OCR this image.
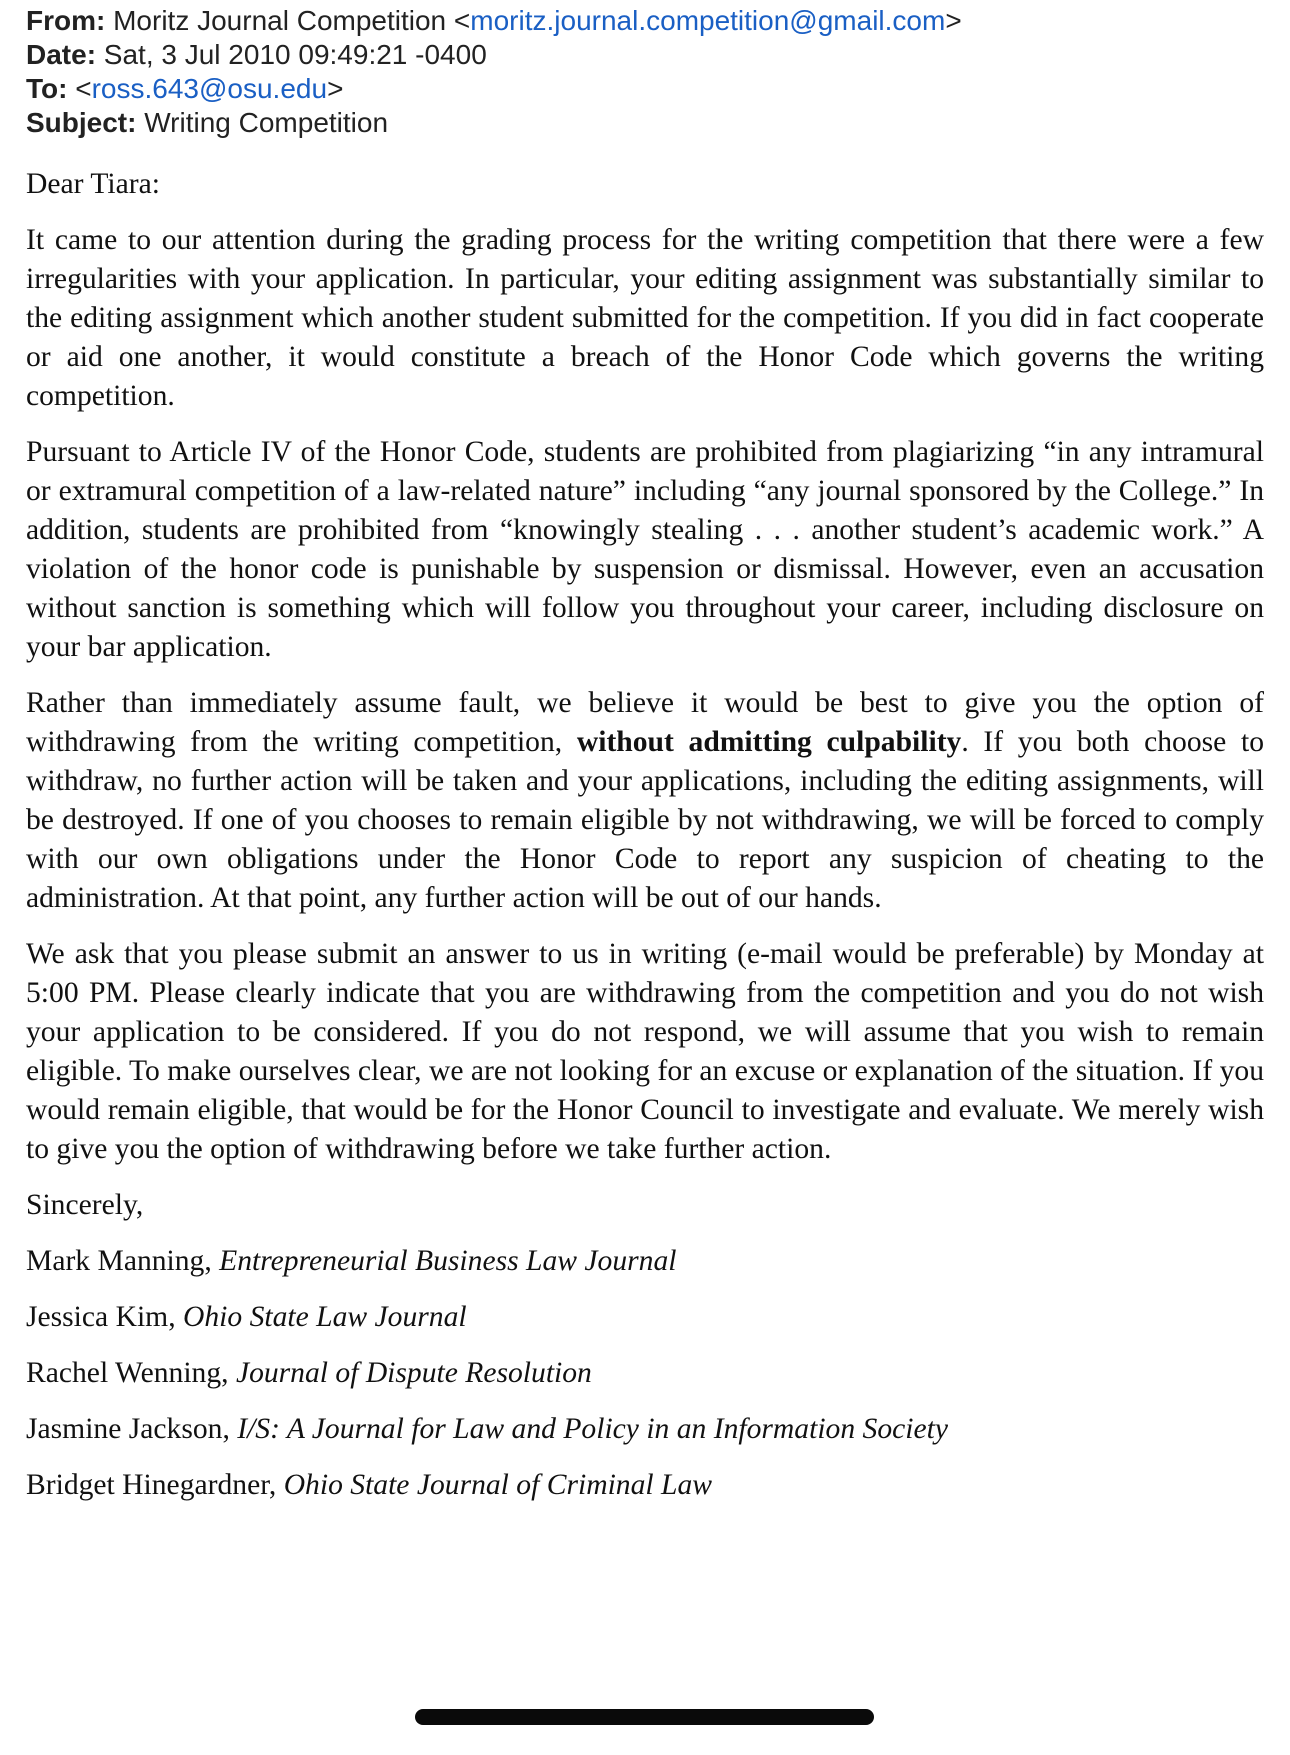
From: Moritz Journal Competition <moritz.journal.competition@gmail.com>
Date: Sat, 3 Jul 2010 09:49:21 -0400
To: <ross.643@osu.edu>
Subject: Writing Competition
Dear Tiara:
It came to our attention during the grading process for the writing competition that there were a few irregularities with your application. In particular, your editing assignment was substantially similar to the editing assignment which another student submitted for the competition. If you did in fact cooperate or aid one another, it would constitute a breach of the Honor Code which governs the writing competition.
Pursuant to Article IV of the Honor Code, students are prohibited from plagiarizing “in any intramural or extramural competition of a law-related nature” including “any journal sponsored by the College.” In addition, students are prohibited from “knowingly stealing . . . another student’s academic work.” A violation of the honor code is punishable by suspension or dismissal. However, even an accusation without sanction is something which will follow you throughout your career, including disclosure on your bar application.
Rather than immediately assume fault, we believe it would be best to give you the option of withdrawing from the writing competition, without admitting culpability. If you both choose to withdraw, no further action will be taken and your applications, including the editing assignments, will be destroyed. If one of you chooses to remain eligible by not withdrawing, we will be forced to comply with our own obligations under the Honor Code to report any suspicion of cheating to the administration. At that point, any further action will be out of our hands.
We ask that you please submit an answer to us in writing (e-mail would be preferable) by Monday at 5:00 PM. Please clearly indicate that you are withdrawing from the competition and you do not wish your application to be considered. If you do not respond, we will assume that you wish to remain eligible. To make ourselves clear, we are not looking for an excuse or explanation of the situation. If you would remain eligible, that would be for the Honor Council to investigate and evaluate. We merely wish to give you the option of withdrawing before we take further action.
Sincerely,
Mark Manning, Entrepreneurial Business Law Journal
Jessica Kim, Ohio State Law Journal
Rachel Wenning, Journal of Dispute Resolution
Jasmine Jackson, I/S: A Journal for Law and Policy in an Information Society
Bridget Hinegardner, Ohio State Journal of Criminal Law
